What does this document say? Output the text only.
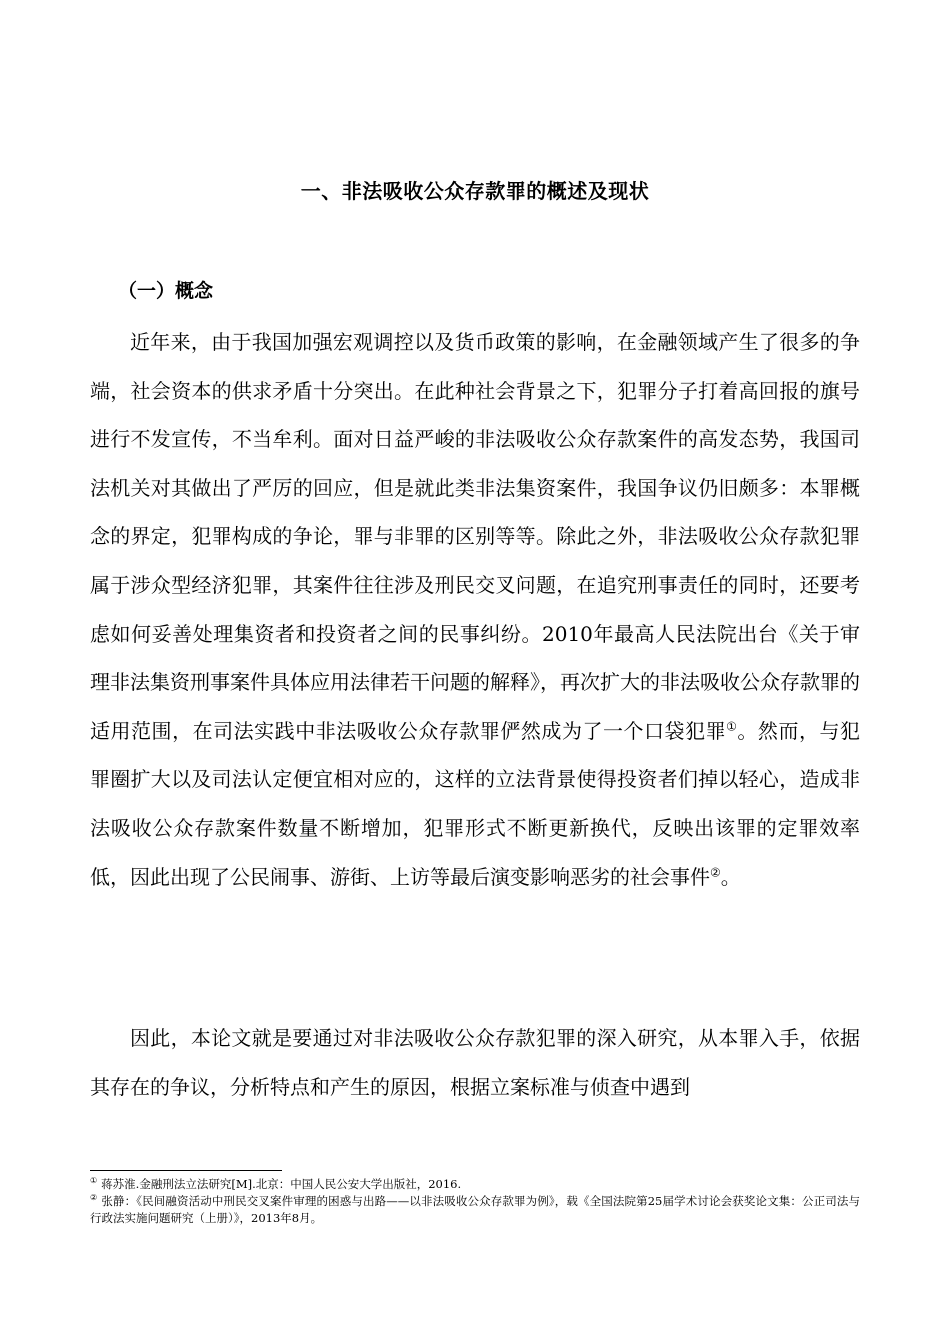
一、非法吸收公众存款罪的概述及现状
（一）概念

近年来，由于我国加强宏观调控以及货币政策的影响，在金融领域产生了很多的争端，社会资本的供求矛盾十分突出。在此种社会背景之下，犯罪分子打着高回报的旗号进行不发宣传，不当牟利。面对日益严峻的非法吸收公众存款案件的高发态势，我国司法机关对其做出了严厉的回应，但是就此类非法集资案件，我国争议仍旧颇多：本罪概念的界定，犯罪构成的争论，罪与非罪的区别等等。除此之外，非法吸收公众存款犯罪属于涉众型经济犯罪，其案件往往涉及刑民交叉问题，在追究刑事责任的同时，还要考虑如何妥善处理集资者和投资者之间的民事纠纷。2010年最高人民法院出台《关于审理非法集资刑事案件具体应用法律若干问题的解释》，再次扩大的非法吸收公众存款罪的适用范围，在司法实践中非法吸收公众存款罪俨然成为了一个口袋犯罪①。然而，与犯罪圈扩大以及司法认定便宜相对应的，这样的立法背景使得投资者们掉以轻心，造成非法吸收公众存款案件数量不断增加，犯罪形式不断更新换代，反映出该罪的定罪效率低，因此出现了公民闹事、游街、上访等最后演变影响恶劣的社会事件②。

因此，本论文就是要通过对非法吸收公众存款犯罪的深入研究，从本罪入手，依据其存在的争议，分析特点和产生的原因，根据立案标准与侦查中遇到

① 蒋苏淮.金融刑法立法研究[M].北京：中国人民公安大学出版社，2016.

② 张静：《民间融资活动中刑民交叉案件审理的困惑与出路——以非法吸收公众存款罪为例》，载《全国法院第25届学术讨论会获奖论文集：公正司法与行政法实施问题研究（上册）》，2013年8月。
